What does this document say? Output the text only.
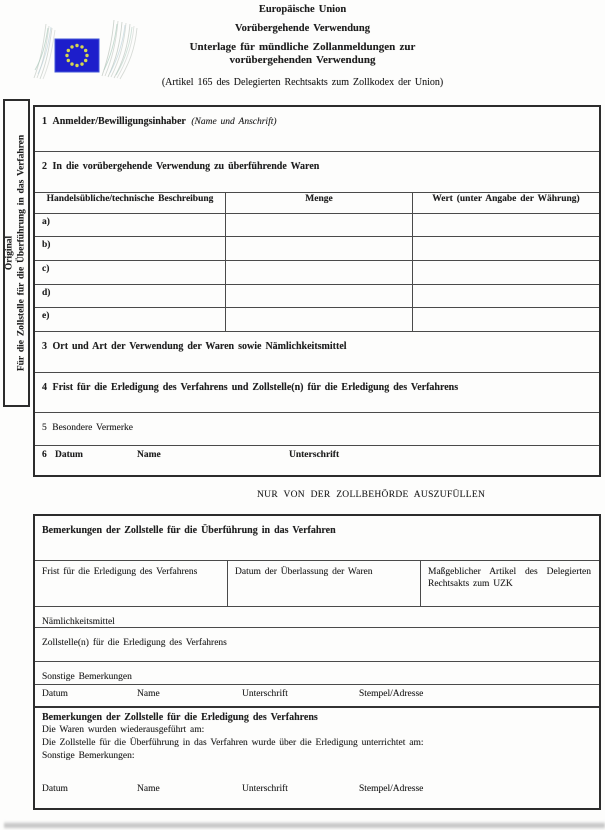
Europäische Union
Vorübergehende Verwendung
Unterlage für mündliche Zollanmeldungen zur
vorübergehenden Verwendung
(Artikel 165 des Delegierten Rechtsakts zum Zollkodex der Union)
Original Für die Zollstelle für die Überführung in das Verfahren
1 Anmelder/Bewilligungsinhaber (Name und Anschrift)
2 In die vorübergehende Verwendung zu überführende Waren
Handelsübliche/technische Beschreibung	Menge	Wert (unter Angabe der Währung)
a)
b)
c)
d)
e)
3 Ort und Art der Verwendung der Waren sowie Nämlichkeitsmittel
4 Frist für die Erledigung des Verfahrens und Zollstelle(n) für die Erledigung des Verfahrens
5 Besondere Vermerke
6 Datum	Name	Unterschrift
NUR VON DER ZOLLBEHÖRDE AUSZUFÜLLEN
Bemerkungen der Zollstelle für die Überführung in das Verfahren
Frist für die Erledigung des Verfahrens	Datum der Überlassung der Waren	Maßgeblicher Artikel des Delegierten Rechtsakts zum UZK
Nämlichkeitsmittel
Zollstelle(n) für die Erledigung des Verfahrens
Sonstige Bemerkungen
Datum	Name	Unterschrift	Stempel/Adresse
Bemerkungen der Zollstelle für die Erledigung des Verfahrens
Die Waren wurden wiederausgeführt am:
Die Zollstelle für die Überführung in das Verfahren wurde über die Erledigung unterrichtet am:
Sonstige Bemerkungen:
Datum	Name	Unterschrift	Stempel/Adresse
